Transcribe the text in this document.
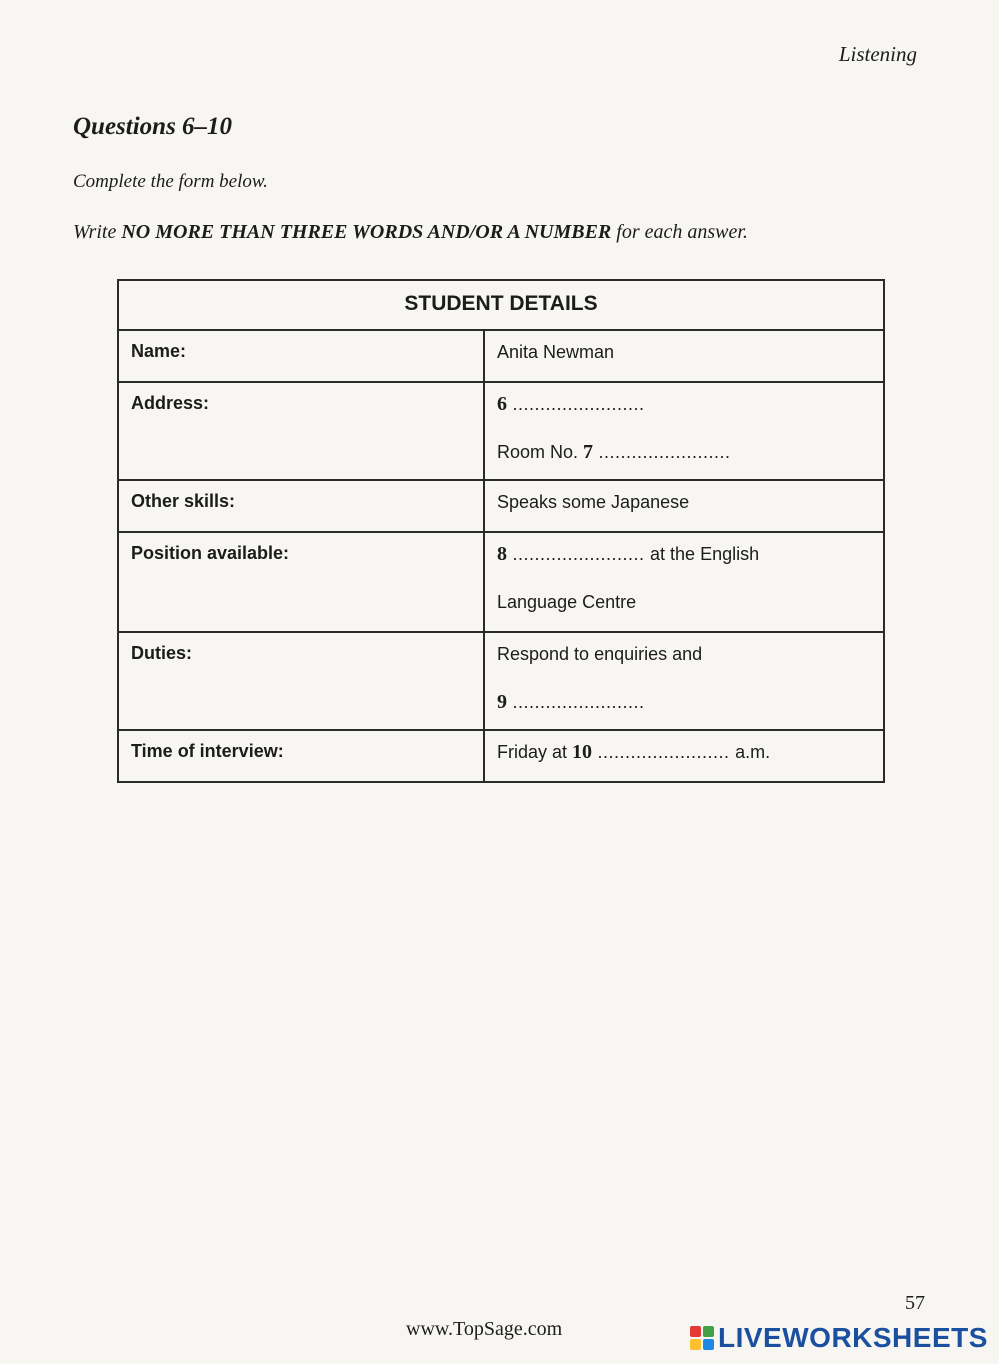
Listening
Questions 6–10
Complete the form below.
Write NO MORE THAN THREE WORDS AND/OR A NUMBER for each answer.
STUDENT DETAILS
Name:	Anita Newman
Address:	6 ........................
Room No. 7 ........................
Other skills:	Speaks some Japanese
Position available:	8 ........................ at the English
Language Centre
Duties:	Respond to enquiries and
9 ........................
Time of interview:	Friday at 10 ........................ a.m.
57
www.TopSage.com	LIVEWORKSHEETS
